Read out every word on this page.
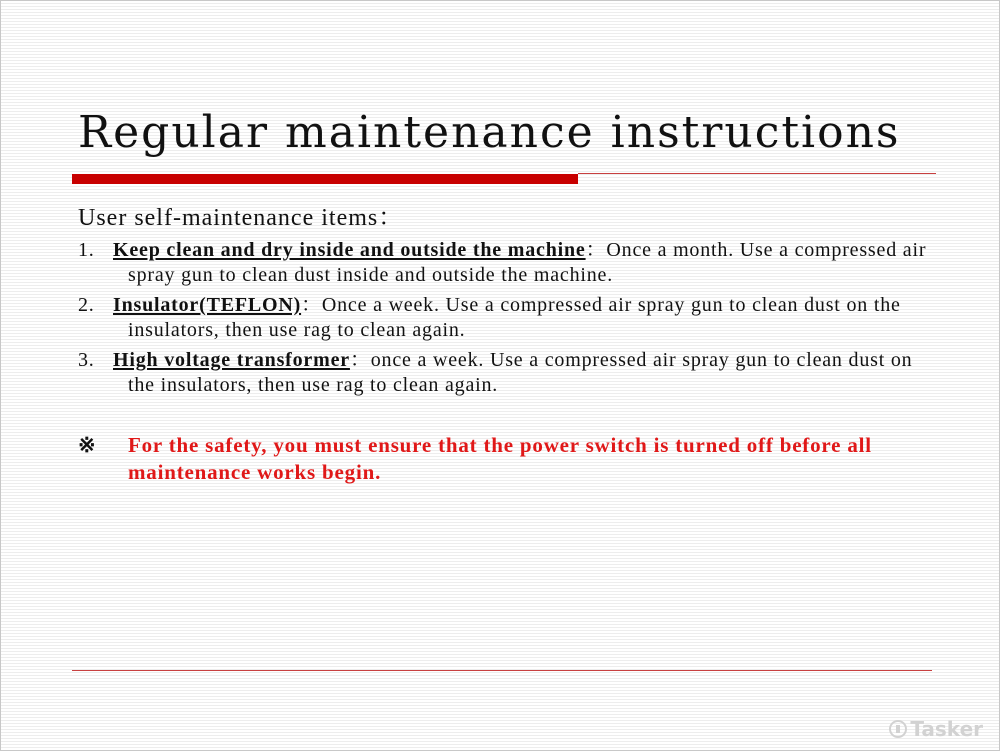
Regular maintenance instructions
User self-maintenance items：
1. Keep clean and dry inside and outside the machine：Once a month. Use a compressed air spray gun to clean dust inside and outside the machine.
2. Insulator(TEFLON)：Once a week. Use a compressed air spray gun to clean dust on the insulators, then use rag to clean again.
3. High voltage transformer：once a week. Use a compressed air spray gun to clean dust on the insulators, then use rag to clean again.
※ For the safety, you must ensure that the power switch is turned off before all maintenance works begin.
Tasker
